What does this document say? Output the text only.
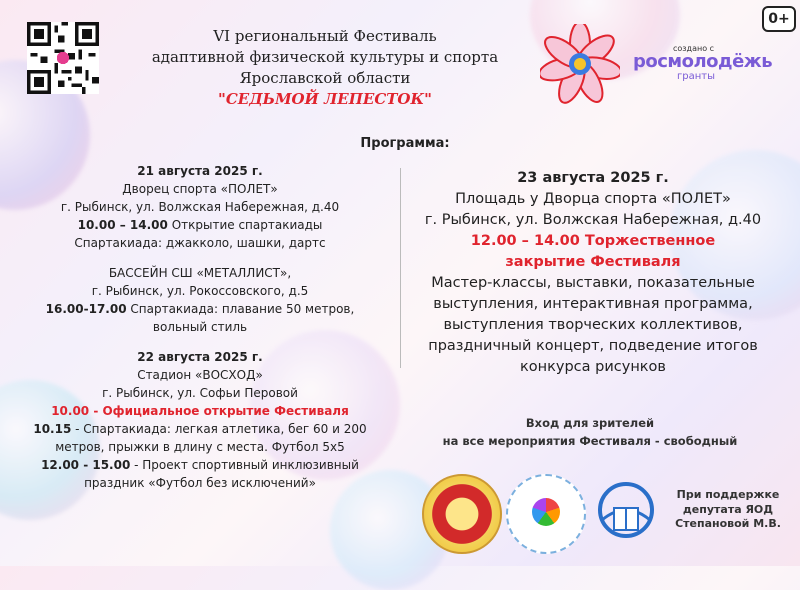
VI региональный Фестиваль
адаптивной физической культуры и спорта
Ярославской области
"СЕДЬМОЙ ЛЕПЕСТОК"
создано с
росмолодёжь
гранты
0+
Программа:

21 августа 2025 г.

Дворец спорта «ПОЛЕТ»

г. Рыбинск, ул. Волжская Набережная, д.40

10.00 – 14.00 Открытие спартакиады

Спартакиада: джакколо, шашки, дартс

БАССЕЙН СШ «МЕТАЛЛИСТ»,

г. Рыбинск, ул. Рокоссовского, д.5

16.00-17.00 Спартакиада: плавание 50 метров,

вольный стиль

22 августа 2025 г.

Стадион «ВОСХОД»

г. Рыбинск, ул. Софьи Перовой

10.00 - Официальное открытие Фестиваля

10.15 - Спартакиада: легкая атлетика, бег 60 и 200

метров, прыжки в длину с места. Футбол 5х5

12.00 - 15.00 - Проект спортивный инклюзивный

праздник «Футбол без исключений»

23 августа 2025 г.

Площадь у Дворца спорта «ПОЛЕТ»

г. Рыбинск, ул. Волжская Набережная, д.40

12.00 – 14.00 Торжественное

закрытие Фестиваля

Мастер-классы, выставки, показательные

выступления, интерактивная программа,

выступления творческих коллективов,

праздничный концерт, подведение итогов

конкурса рисунков

Вход для зрителей
на все мероприятия Фестиваля - свободный
При поддержке
депутата ЯОД
Степановой М.В.
